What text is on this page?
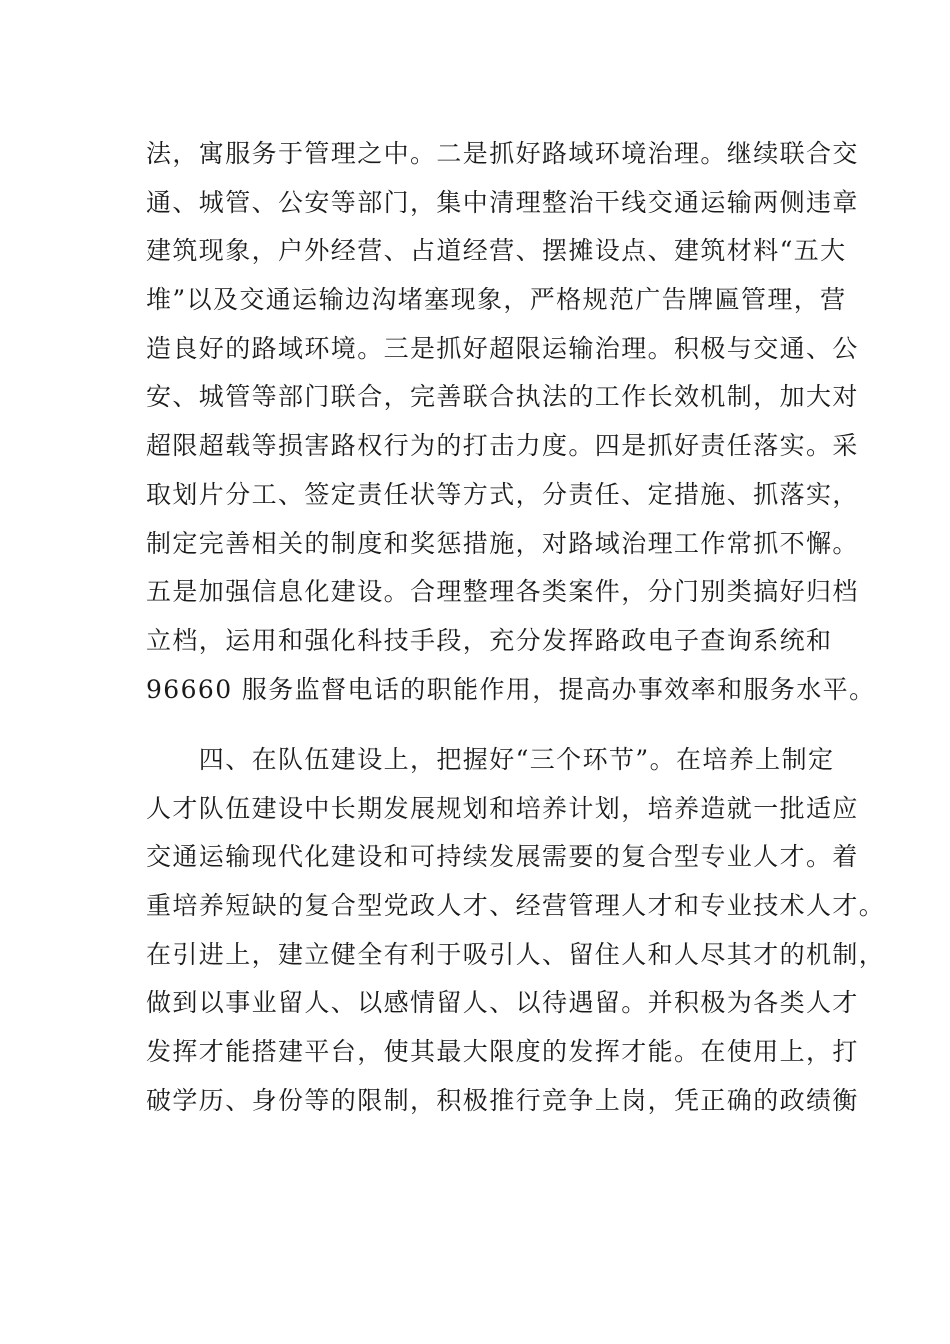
法，寓服务于管理之中。二是抓好路域环境治理。继续联合交
通、城管、公安等部门，集中清理整治干线交通运输两侧违章
建筑现象，户外经营、占道经营、摆摊设点、建筑材料“五大
堆”以及交通运输边沟堵塞现象，严格规范广告牌匾管理，营
造良好的路域环境。三是抓好超限运输治理。积极与交通、公
安、城管等部门联合，完善联合执法的工作长效机制，加大对
超限超载等损害路权行为的打击力度。四是抓好责任落实。采
取划片分工、签定责任状等方式，分责任、定措施、抓落实，
制定完善相关的制度和奖惩措施，对路域治理工作常抓不懈。
五是加强信息化建设。合理整理各类案件，分门别类搞好归档
立档，运用和强化科技手段，充分发挥路政电子查询系统和
96660 服务监督电话的职能作用，提高办事效率和服务水平。
　　四、在队伍建设上，把握好“三个环节”。在培养上制定
人才队伍建设中长期发展规划和培养计划，培养造就一批适应
交通运输现代化建设和可持续发展需要的复合型专业人才。着
重培养短缺的复合型党政人才、经营管理人才和专业技术人才。
在引进上，建立健全有利于吸引人、留住人和人尽其才的机制，
做到以事业留人、以感情留人、以待遇留。并积极为各类人才
发挥才能搭建平台，使其最大限度的发挥才能。在使用上，打
破学历、身份等的限制，积极推行竞争上岗，凭正确的政绩衡
